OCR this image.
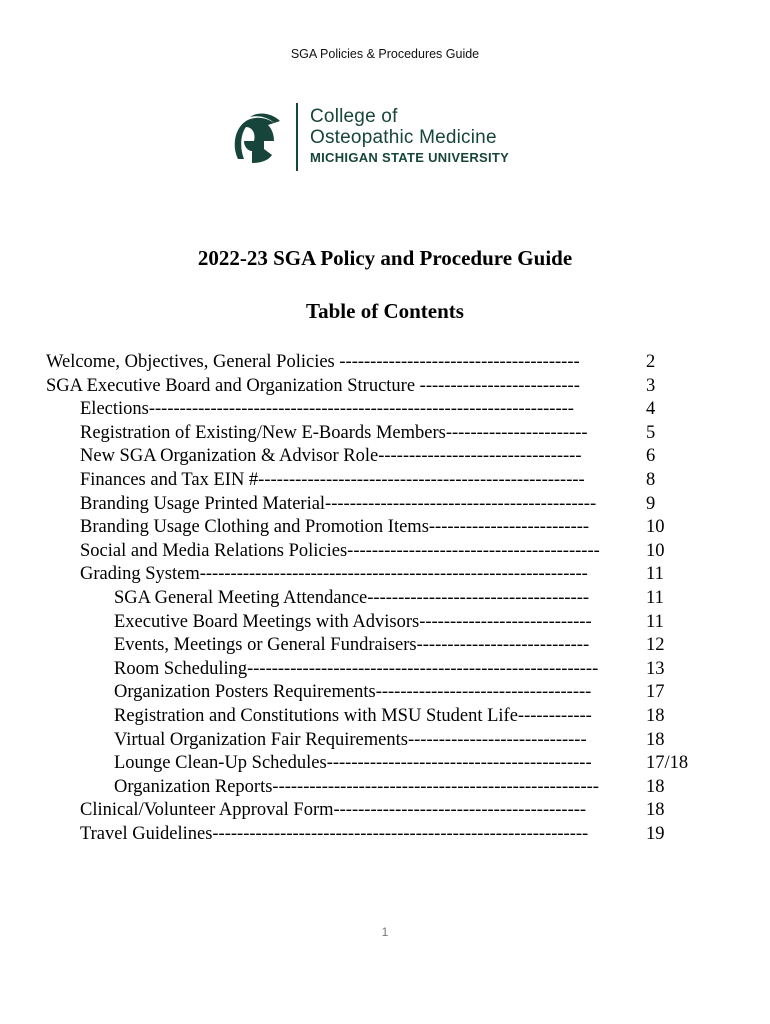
SGA Policies & Procedures Guide
College of
Osteopathic Medicine
MICHIGAN STATE UNIVERSITY
2022-23 SGA Policy and Procedure Guide
Table of Contents
Welcome, Objectives, General Policies ---------------------------------------	2
SGA Executive Board and Organization Structure --------------------------	3
Elections---------------------------------------------------------------------	4
Registration of Existing/New E-Boards Members-----------------------	5
New SGA Organization & Advisor Role---------------------------------	6
Finances and Tax EIN #-----------------------------------------------------	8
Branding Usage Printed Material--------------------------------------------	9
Branding Usage Clothing and Promotion Items--------------------------	10
Social and Media Relations Policies----------------------------------------- 10
Grading System---------------------------------------------------------------	11
SGA General Meeting Attendance------------------------------------	11
Executive Board Meetings with Advisors----------------------------	11
Events, Meetings or General Fundraisers----------------------------	12
Room Scheduling---------------------------------------------------------	13
Organization Posters Requirements-----------------------------------	17
Registration and Constitutions with MSU Student Life------------	18
Virtual Organization Fair Requirements-----------------------------	18
Lounge Clean-Up Schedules-------------------------------------------	17/18
Organization Reports-----------------------------------------------------	18
Clinical/Volunteer Approval Form-----------------------------------------	18
Travel Guidelines-------------------------------------------------------------	19
1
